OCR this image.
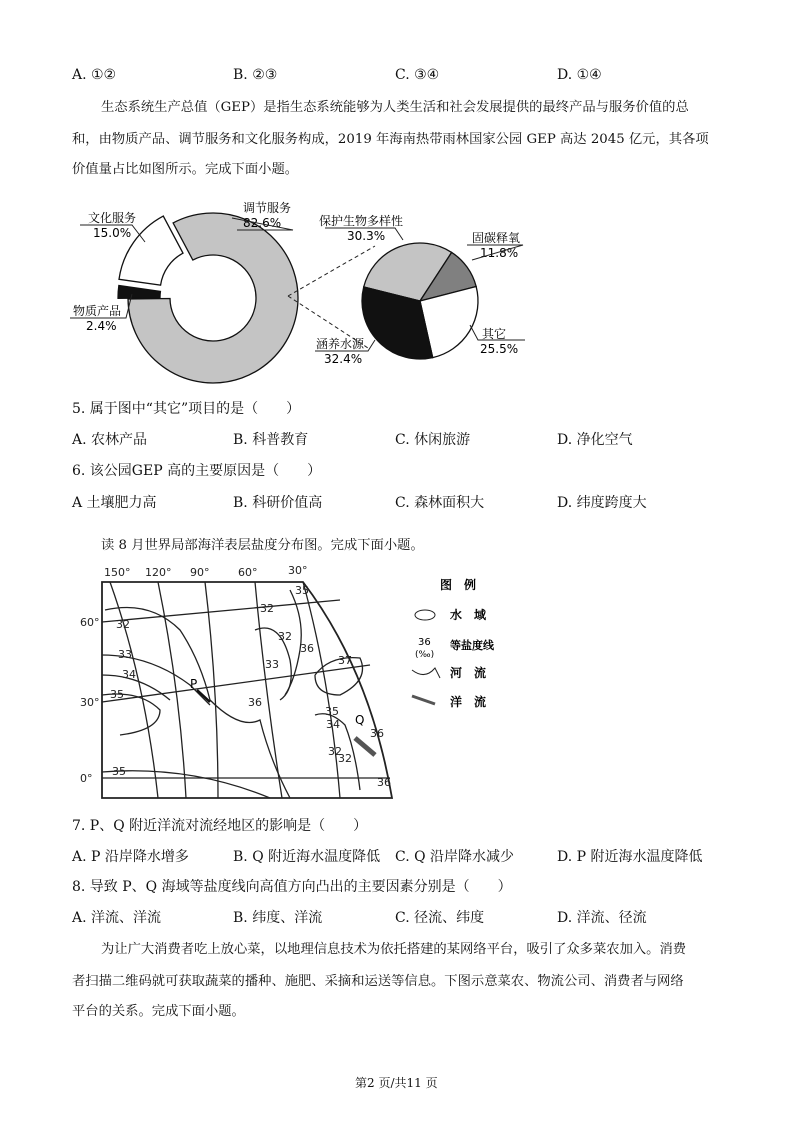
A. ①②	B. ②③	C. ③④	D. ①④
生态系统生产总值（GEP）是指生态系统能够为人类生活和社会发展提供的最终产品与服务价值的总
和，由物质产品、调节服务和文化服务构成，2019 年海南热带雨林国家公园 GEP 高达 2045 亿元，其各项
价值量占比如图所示。完成下面小题。
文化服务
15.0%
调节服务
82.6%
物质产品
2.4%
保护生物多样性
30.3%	固碳释氧
11.8%
其它
25.5%
涵养水源
32.4%
5. 属于图中“其它”项目的是（　　）
A. 农林产品	B. 科普教育	C. 休闲旅游	D. 净化空气
6. 该公园GEP 高的主要原因是（　　）
A 土壤肥力高	B. 科研价值高	C. 森林面积大	D. 纬度跨度大
读 8 月世界局部海洋表层盐度分布图。完成下面小题。
150° 120° 90°	60°	30°
60°
30°
0°
32
33
34
35
35
35
32
32
33
36
36
37
35
34
36
32
32
36
P
Q
图　例
水　域
36
(‰)
等盐度线
河　流
洋　流
7. P、Q 附近洋流对流经地区的影响是（　　）
A. P 沿岸降水增多	B. Q 附近海水温度降低 C. Q 沿岸降水减少	D. P 附近海水温度降低
8. 导致 P、Q 海域等盐度线向高值方向凸出的主要因素分别是（　　）
A. 洋流、洋流	B. 纬度、洋流	C. 径流、纬度	D. 洋流、径流
为让广大消费者吃上放心菜，以地理信息技术为依托搭建的某网络平台，吸引了众多菜农加入。消费
者扫描二维码就可获取蔬菜的播种、施肥、采摘和运送等信息。下图示意菜农、物流公司、消费者与网络
平台的关系。完成下面小题。
第2 页/共11 页
